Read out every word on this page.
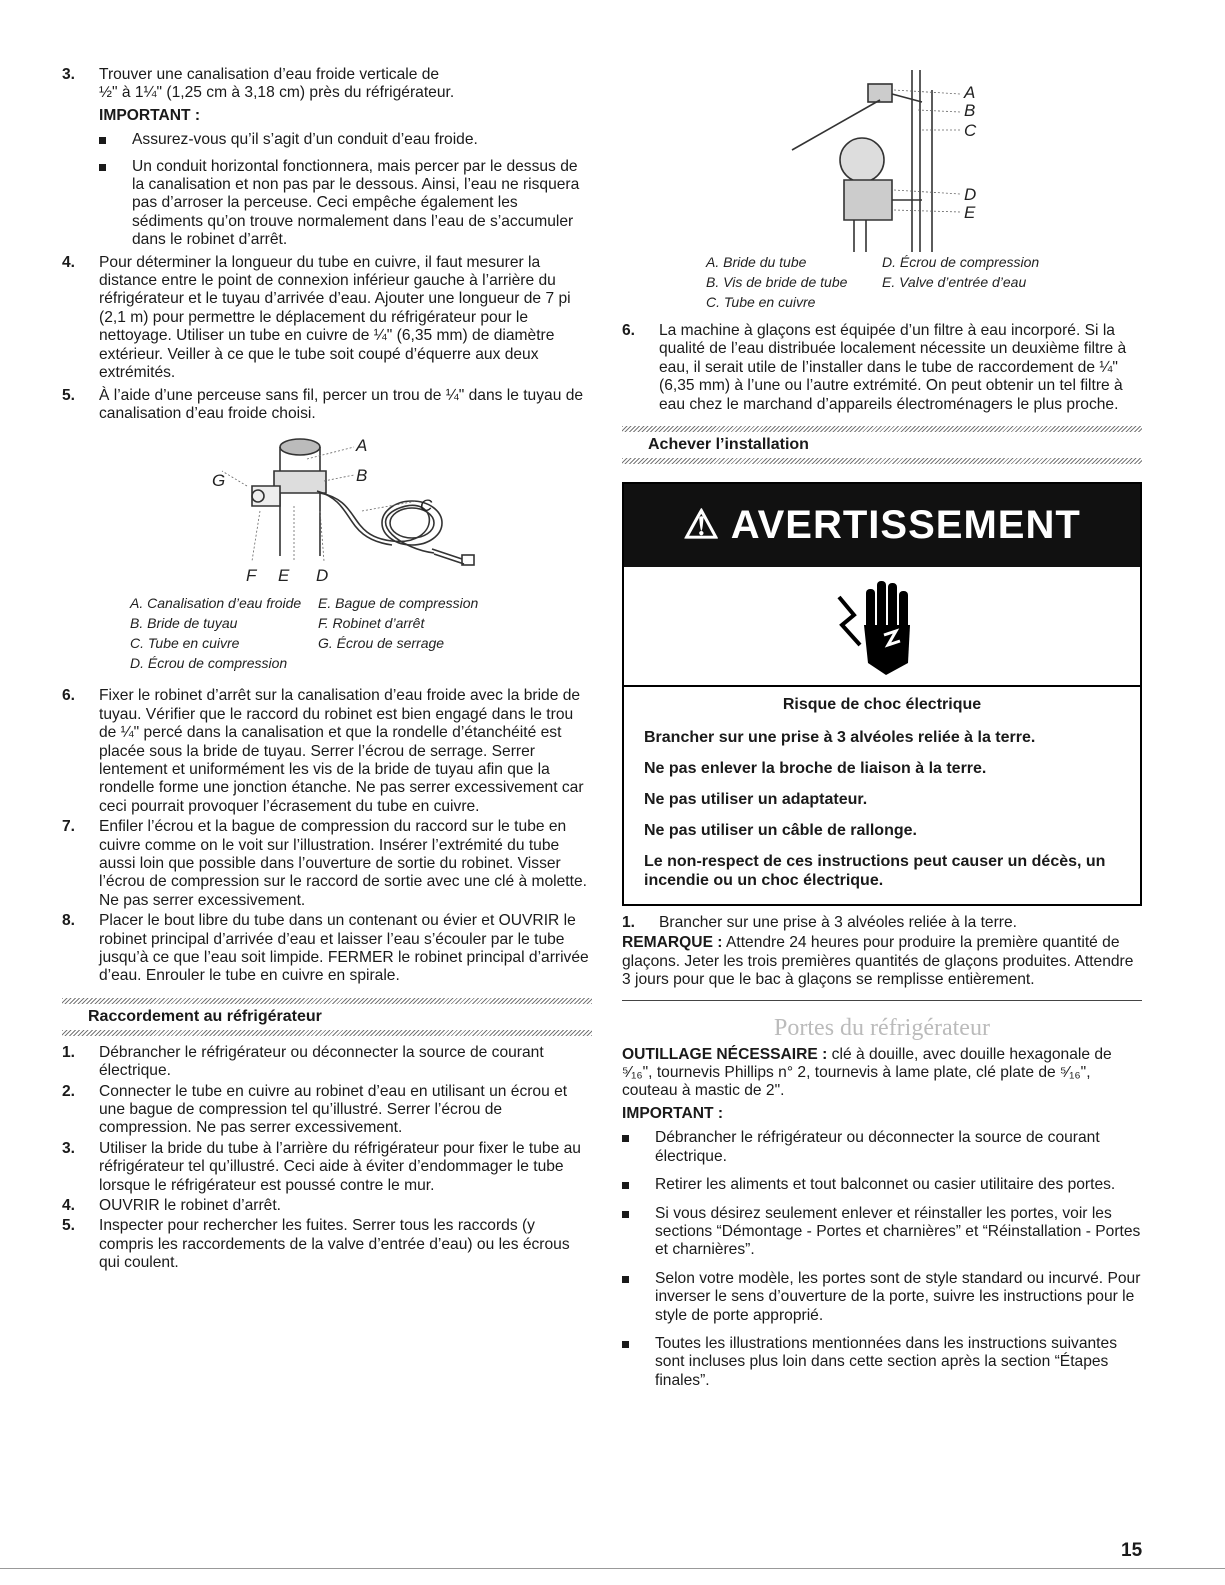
3. Trouver une canalisation d’eau froide verticale de
½" à 1¼" (1,25 cm à 3,18 cm) près du réfrigérateur.
IMPORTANT :
Assurez-vous qu’il s’agit d’un conduit d’eau froide.
Un conduit horizontal fonctionnera, mais percer par le dessus de la canalisation et non pas par le dessous. Ainsi, l’eau ne risquera pas d’arroser la perceuse. Ceci empêche également les sédiments qu’on trouve normalement dans l’eau de s’accumuler dans le robinet d’arrêt.
4. Pour déterminer la longueur du tube en cuivre, il faut mesurer la distance entre le point de connexion inférieur gauche à l’arrière du réfrigérateur et le tuyau d’arrivée d’eau. Ajouter une longueur de 7 pi (2,1 m) pour permettre le déplacement du réfrigérateur pour le nettoyage. Utiliser un tube en cuivre de ¼" (6,35 mm) de diamètre extérieur. Veiller à ce que le tube soit coupé d’équerre aux deux extrémités.
5. À l’aide d’une perceuse sans fil, percer un trou de ¼" dans le tuyau de canalisation d’eau froide choisi.
A
B
C
F E D
G
A. Canalisation d’eau froide	E. Bague de compression
B. Bride de tuyau	F. Robinet d’arrêt
C. Tube en cuivre	G. Écrou de serrage
D. Écrou de compression
6. Fixer le robinet d’arrêt sur la canalisation d’eau froide avec la bride de tuyau. Vérifier que le raccord du robinet est bien engagé dans le trou de ¼" percé dans la canalisation et que la rondelle d’étanchéité est placée sous la bride de tuyau. Serrer l’écrou de serrage. Serrer lentement et uniformément les vis de la bride de tuyau afin que la rondelle forme une jonction étanche. Ne pas serrer excessivement car ceci pourrait provoquer l’écrasement du tube en cuivre.
7. Enfiler l’écrou et la bague de compression du raccord sur le tube en cuivre comme on le voit sur l’illustration. Insérer l’extrémité du tube aussi loin que possible dans l’ouverture de sortie du robinet. Visser l’écrou de compression sur le raccord de sortie avec une clé à molette. Ne pas serrer excessivement.
8. Placer le bout libre du tube dans un contenant ou évier et OUVRIR le robinet principal d’arrivée d’eau et laisser l’eau s’écouler par le tube jusqu’à ce que l’eau soit limpide. FERMER le robinet principal d’arrivée d’eau. Enrouler le tube en cuivre en spirale.
Raccordement au réfrigérateur
1. Débrancher le réfrigérateur ou déconnecter la source de courant électrique.
2. Connecter le tube en cuivre au robinet d’eau en utilisant un écrou et une bague de compression tel qu’illustré. Serrer l’écrou de compression. Ne pas serrer excessivement.
3. Utiliser la bride du tube à l’arrière du réfrigérateur pour fixer le tube au réfrigérateur tel qu’illustré. Ceci aide à éviter d’endommager le tube lorsque le réfrigérateur est poussé contre le mur.
4. OUVRIR le robinet d’arrêt.
5. Inspecter pour rechercher les fuites. Serrer tous les raccords (y compris les raccordements de la valve d’entrée d’eau) ou les écrous qui coulent.
A
B
C
D
E
A. Bride du tube	D. Écrou de compression
B. Vis de bride de tube	E. Valve d’entrée d’eau
C. Tube en cuivre
6. La machine à glaçons est équipée d’un filtre à eau incorporé. Si la qualité de l’eau distribuée localement nécessite un deuxième filtre à eau, il serait utile de l’installer dans le tube de raccordement de ¼" (6,35 mm) à l’une ou l’autre extrémité. On peut obtenir un tel filtre à eau chez le marchand d’appareils électroménagers le plus proche.
Achever l’installation
⚠ AVERTISSEMENT
Risque de choc électrique
Brancher sur une prise à 3 alvéoles reliée à la terre.
Ne pas enlever la broche de liaison à la terre.
Ne pas utiliser un adaptateur.
Ne pas utiliser un câble de rallonge.
Le non-respect de ces instructions peut causer un décès, un incendie ou un choc électrique.
1. Brancher sur une prise à 3 alvéoles reliée à la terre.
REMARQUE : Attendre 24 heures pour produire la première quantité de glaçons. Jeter les trois premières quantités de glaçons produites. Attendre 3 jours pour que le bac à glaçons se remplisse entièrement.
Portes du réfrigérateur
OUTILLAGE NÉCESSAIRE : clé à douille, avec douille hexagonale de ⁵⁄₁₆", tournevis Phillips n° 2, tournevis à lame plate, clé plate de ⁵⁄₁₆", couteau à mastic de 2".
IMPORTANT :
Débrancher le réfrigérateur ou déconnecter la source de courant électrique.
Retirer les aliments et tout balconnet ou casier utilitaire des portes.
Si vous désirez seulement enlever et réinstaller les portes, voir les sections “Démontage - Portes et charnières” et “Réinstallation - Portes et charnières”.
Selon votre modèle, les portes sont de style standard ou incurvé. Pour inverser le sens d’ouverture de la porte, suivre les instructions pour le style de porte approprié.
Toutes les illustrations mentionnées dans les instructions suivantes sont incluses plus loin dans cette section après la section “Étapes finales”.
15
